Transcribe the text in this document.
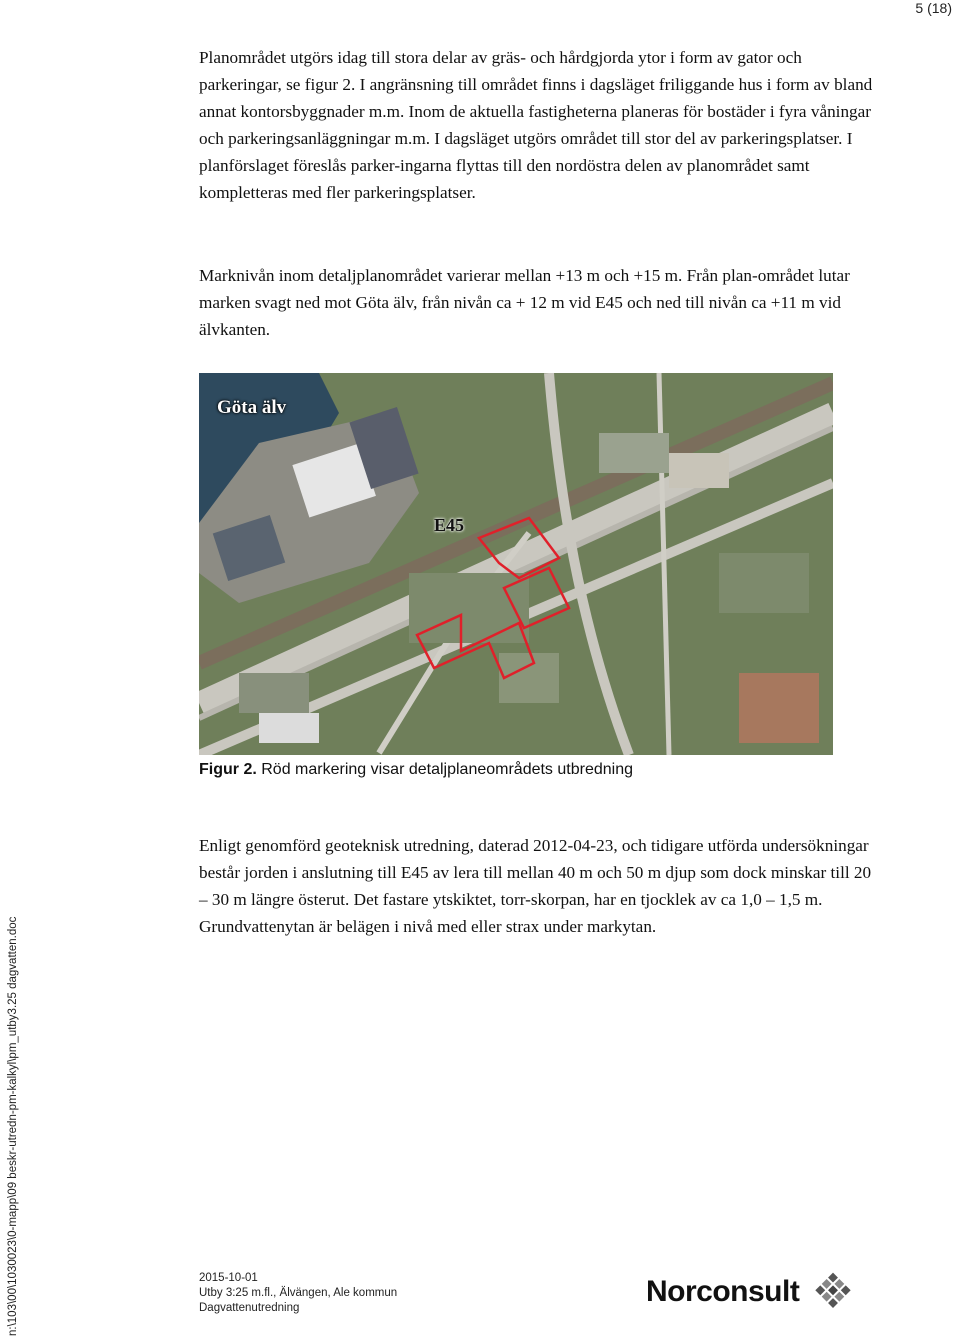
5 (18)

Planområdet utgörs idag till stora delar av gräs- och hårdgjorda ytor i form av gator och parkeringar, se figur 2. I angränsning till området finns i dagsläget friliggande hus i form av bland annat kontorsbyggnader m.m. Inom de aktuella fastigheterna planeras för bostäder i fyra våningar och parkeringsanläggningar m.m. I dagsläget utgörs området till stor del av parkeringsplatser. I planförslaget föreslås parker-ingarna flyttas till den nordöstra delen av planområdet samt kompletteras med fler parkeringsplatser.

Marknivån inom detaljplanområdet varierar mellan +13 m och +15 m. Från plan-området lutar marken svagt ned mot Göta älv, från nivån ca + 12 m vid E45 och ned till nivån ca +11 m vid älvkanten.

Göta älv
E45
Figur 2. Röd markering visar detaljplaneområdets utbredning

Enligt genomförd geoteknisk utredning, daterad 2012-04-23, och tidigare utförda undersökningar består jorden i anslutning till E45 av lera till mellan 40 m och 50 m djup som dock minskar till 20 – 30 m längre österut. Det fastare ytskiktet, torr-skorpan, har en tjocklek av ca 1,0 – 1,5 m. Grundvattenytan är belägen i nivå med eller strax under markytan.

n:\103\00\1030023\0-mapp\09 beskr-utredn-pm-kalkyl\pm_utby3.25 dagvatten.doc	2015-10-01
Utby 3:25 m.fl., Älvängen, Ale kommun
Dagvattenutredning	Norconsult
